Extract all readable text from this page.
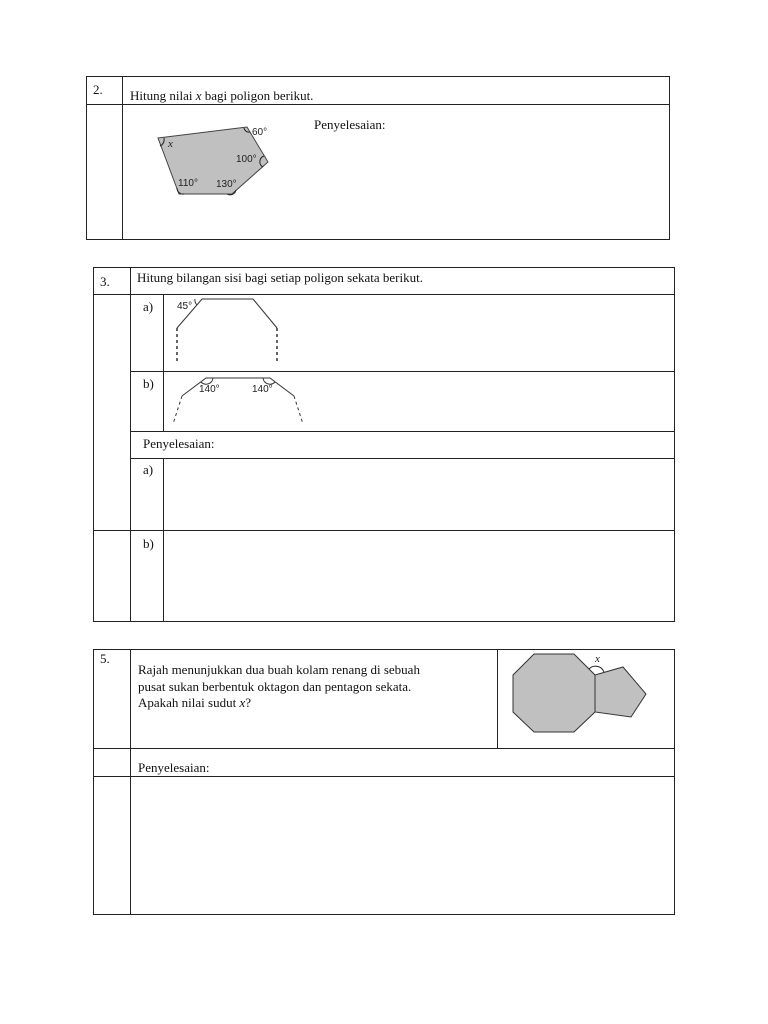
2. Hitung nilai x bagi poligon berikut.
Penyelesaian:
x
60°
100°
110° 130°
3. Hitung bilangan sisi bagi setiap poligon sekata berikut.
a)
b)
Penyelesaian:
a)
b)
45°
140°	140°
5.
Rajah menunjukkan dua buah kolam renang di sebuah
pusat sukan berbentuk oktagon dan pentagon sekata.
Apakah nilai sudut x?
Penyelesaian:
x
